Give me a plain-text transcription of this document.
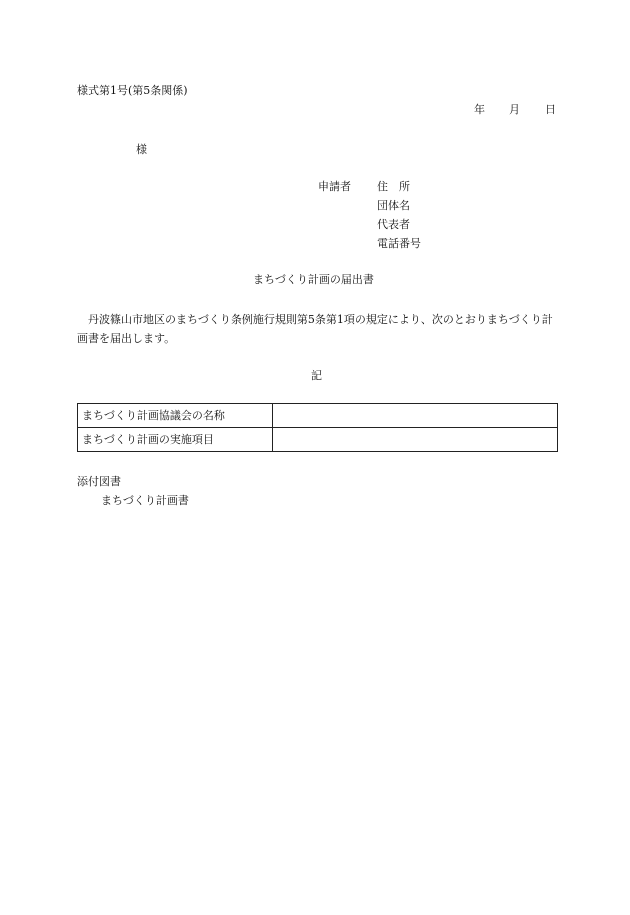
様式第1号(第5条関係)
年 月 日
様
申請者 住　所
団体名
代表者
電話番号
まちづくり計画の届出書
丹波篠山市地区のまちづくり条例施行規則第5条第1項の規定により、次のとおりまちづくり計画書を届出します。
記
まちづくり計画協議会の名称	
まちづくり計画の実施項目	
添付図書
まちづくり計画書
